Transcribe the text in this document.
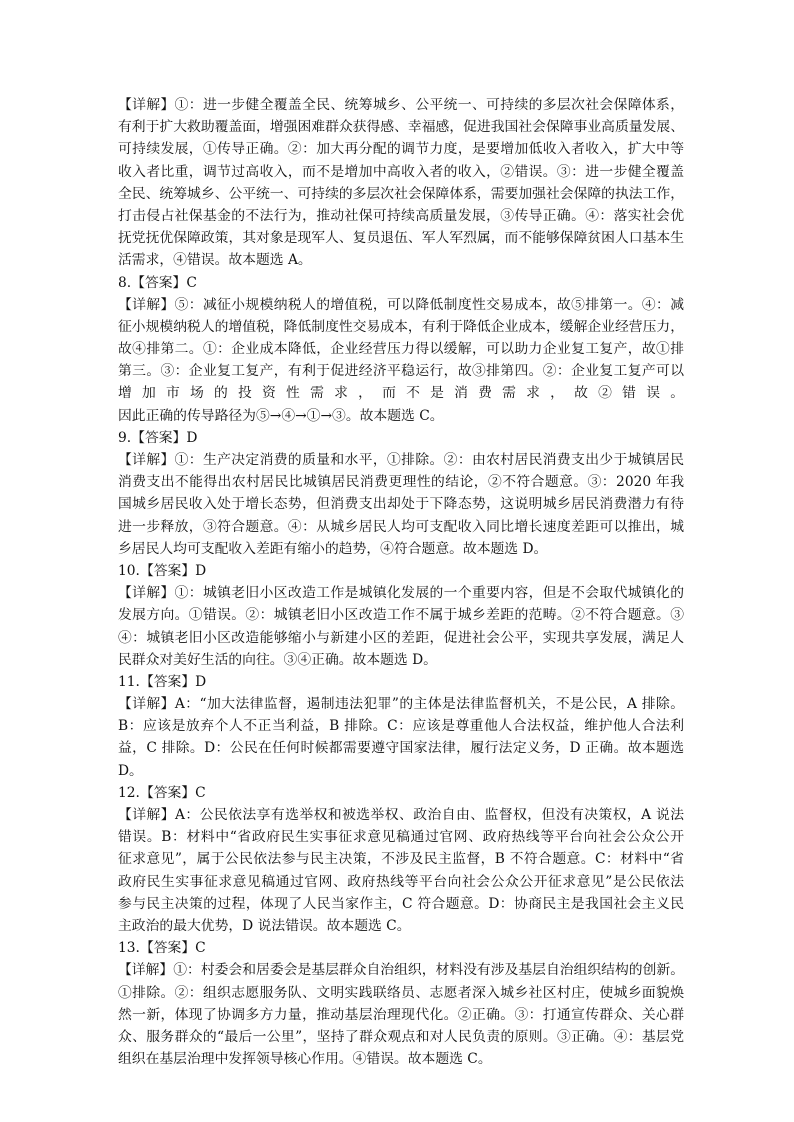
【详解】①：进一步健全覆盖全民、统筹城乡、公平统一、可持续的多层次社会保障体系，
有利于扩大救助覆盖面，增强困难群众获得感、幸福感，促进我国社会保障事业高质量发展、
可持续发展，①传导正确。②：加大再分配的调节力度，是要增加低收入者收入，扩大中等
收入者比重，调节过高收入，而不是增加中高收入者的收入，②错误。③：进一步健全覆盖
全民、统筹城乡、公平统一、可持续的多层次社会保障体系，需要加强社会保障的执法工作，
打击侵占社保基金的不法行为，推动社保可持续高质量发展，③传导正确。④：落实社会优
抚党抚优保障政策，其对象是现军人、复员退伍、军人军烈属，而不能够保障贫困人口基本生
活需求，④错误。故本题选 A。
8.【答案】C
【详解】⑤：减征小规模纳税人的增值税，可以降低制度性交易成本，故⑤排第一。④：减
征小规模纳税人的增值税，降低制度性交易成本，有利于降低企业成本，缓解企业经营压力，
故④排第二。①：企业成本降低，企业经营压力得以缓解，可以助力企业复工复产，故①排
第三。③：企业复工复产，有利于促进经济平稳运行，故③排第四。②：企业复工复产可以
增加市场的投资性需求，而不是消费需求，故②错误。
因此正确的传导路径为⑤→④→①→③。故本题选 C。
9.【答案】D
【详解】①：生产决定消费的质量和水平，①排除。②：由农村居民消费支出少于城镇居民
消费支出不能得出农村居民比城镇居民消费更理性的结论，②不符合题意。③：2020 年我
国城乡居民收入处于增长态势，但消费支出却处于下降态势，这说明城乡居民消费潜力有待
进一步释放，③符合题意。④：从城乡居民人均可支配收入同比增长速度差距可以推出，城
乡居民人均可支配收入差距有缩小的趋势，④符合题意。故本题选 D。
10.【答案】D
【详解】①：城镇老旧小区改造工作是城镇化发展的一个重要内容，但是不会取代城镇化的
发展方向。①错误。②：城镇老旧小区改造工作不属于城乡差距的范畴。②不符合题意。③
④：城镇老旧小区改造能够缩小与新建小区的差距，促进社会公平，实现共享发展，满足人
民群众对美好生活的向往。③④正确。故本题选 D。
11.【答案】D
【详解】A：“加大法律监督，遏制违法犯罪”的主体是法律监督机关，不是公民，A 排除。
B：应该是放弃个人不正当利益，B 排除。C：应该是尊重他人合法权益，维护他人合法利
益，C 排除。D：公民在任何时候都需要遵守国家法律，履行法定义务，D 正确。故本题选
D。
12.【答案】C
【详解】A：公民依法享有选举权和被选举权、政治自由、监督权，但没有决策权，A 说法
错误。B：材料中“省政府民生实事征求意见稿通过官网、政府热线等平台向社会公众公开
征求意见”，属于公民依法参与民主决策，不涉及民主监督，B 不符合题意。C：材料中“省
政府民生实事征求意见稿通过官网、政府热线等平台向社会公众公开征求意见”是公民依法
参与民主决策的过程，体现了人民当家作主，C 符合题意。D：协商民主是我国社会主义民
主政治的最大优势，D 说法错误。故本题选 C。
13.【答案】C
【详解】①：村委会和居委会是基层群众自治组织，材料没有涉及基层自治组织结构的创新。
①排除。②：组织志愿服务队、文明实践联络员、志愿者深入城乡社区村庄，使城乡面貌焕
然一新，体现了协调多方力量，推动基层治理现代化。②正确。③：打通宣传群众、关心群
众、服务群众的“最后一公里”，坚持了群众观点和对人民负责的原则。③正确。④：基层党
组织在基层治理中发挥领导核心作用。④错误。故本题选 C。
